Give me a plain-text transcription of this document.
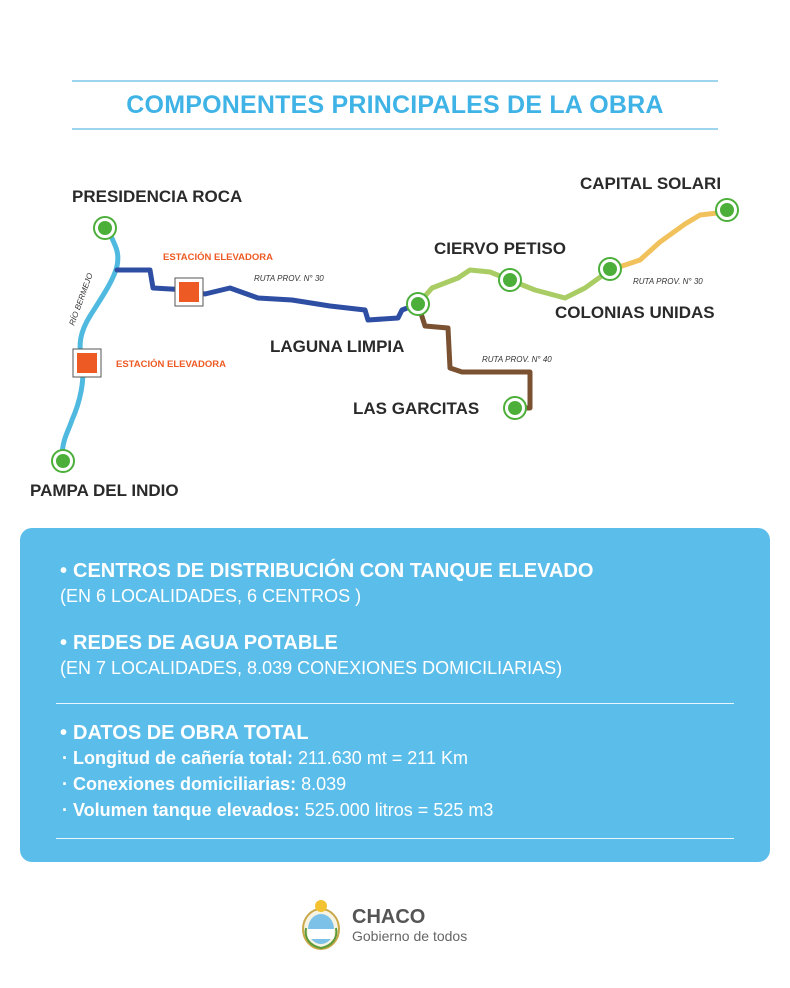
COMPONENTES PRINCIPALES DE LA OBRA
PRESIDENCIA ROCA
CAPITAL SOLARI
CIERVO PETISO
COLONIAS UNIDAS
LAGUNA LIMPIA
LAS GARCITAS
PAMPA DEL INDIO
ESTACIÓN ELEVADORA
ESTACIÓN ELEVADORA
RUTA PROV. N° 30	RUTA PROV. N° 30
RUTA PROV. N° 40
RÍO BERMEJO
• CENTROS DE DISTRIBUCIÓN CON TANQUE ELEVADO
(EN 6 LOCALIDADES, 6 CENTROS )
• REDES DE AGUA POTABLE
(EN 7 LOCALIDADES, 8.039 CONEXIONES DOMICILIARIAS)
• DATOS DE OBRA TOTAL
· Longitud de cañería total: 211.630 mt = 211 Km
· Conexiones domiciliarias: 8.039
· Volumen tanque elevados: 525.000 litros = 525 m3
CHACO
Gobierno de todos
